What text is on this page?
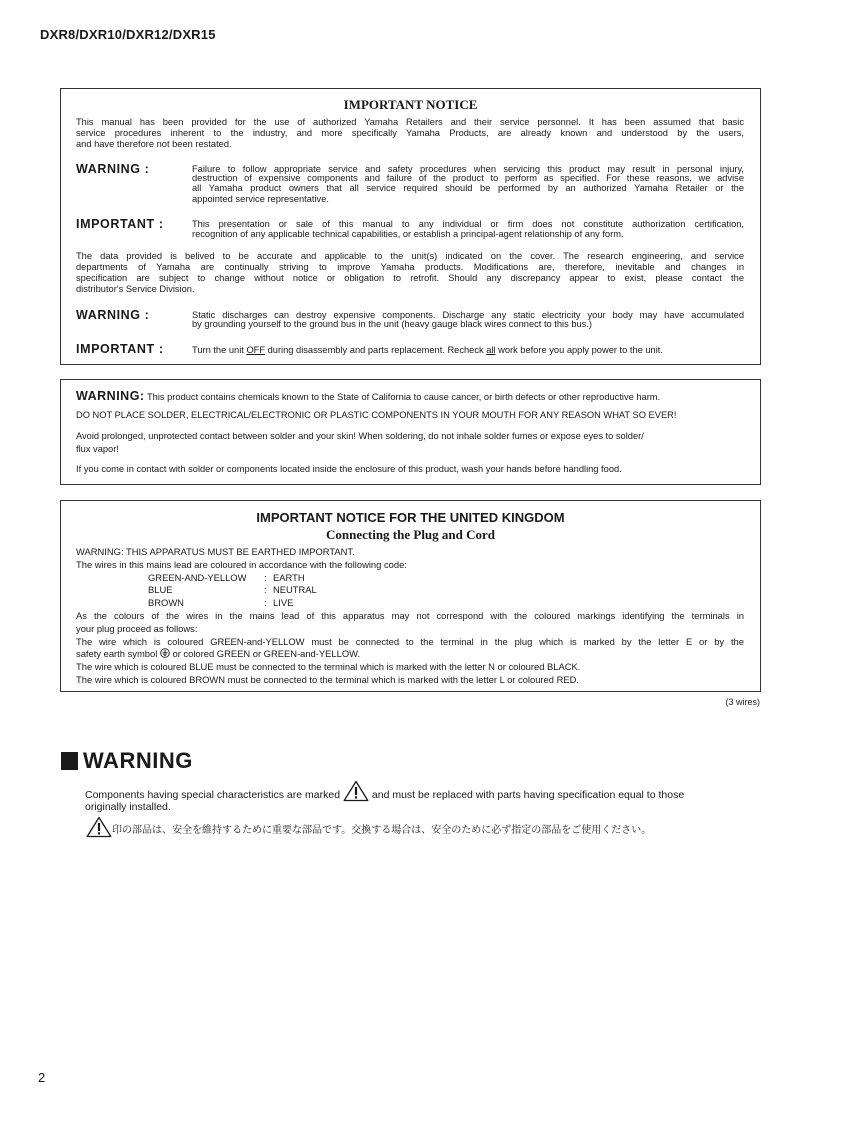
DXR8/DXR10/DXR12/DXR15
2
IMPORTANT NOTICE
This manual has been provided for the use of authorized Yamaha Retailers and their service personnel. It has been assumed that basic
service procedures inherent to the industry, and more specifically Yamaha Products, are already known and understood by the users,
and have therefore not been restated.
WARNING :	Failure to follow appropriate service and safety procedures when servicing this product may result in personal injury,
destruction of expensive components and failure of the product to perform as specified. For these reasons, we advise
all Yamaha product owners that all service required should be performed by an authorized Yamaha Retailer or the
appointed service representative.
IMPORTANT :	This presentation or sale of this manual to any individual or firm does not constitute authorization certification,
recognition of any applicable technical capabilities, or establish a principal-agent relationship of any form.
The data provided is belived to be accurate and applicable to the unit(s) indicated on the cover. The research engineering, and service
departments of Yamaha are continually striving to improve Yamaha products. Modifications are, therefore, inevitable and changes in
specification are subject to change without notice or obligation to retrofit. Should any discrepancy appear to exist, please contact the
distributor's Service Division.
WARNING :	Static discharges can destroy expensive components. Discharge any static electricity your body may have accumulated
by grounding yourself to the ground bus in the unit (heavy gauge black wires connect to this bus.)
IMPORTANT :	Turn the unit OFF during disassembly and parts replacement. Recheck all work before you apply power to the unit.
WARNING: This product contains chemicals known to the State of California to cause cancer, or birth defects or other reproductive harm.
DO NOT PLACE SOLDER, ELECTRICAL/ELECTRONIC OR PLASTIC COMPONENTS IN YOUR MOUTH FOR ANY REASON WHAT SO EVER!
Avoid prolonged, unprotected contact between solder and your skin! When soldering, do not inhale solder fumes or expose eyes to solder/
flux vapor!
If you come in contact with solder or components located inside the enclosure of this product, wash your hands before handling food.
IMPORTANT NOTICE FOR THE UNITED KINGDOM
Connecting the Plug and Cord
WARNING: THIS APPARATUS MUST BE EARTHED IMPORTANT.
The wires in this mains lead are coloured in accordance with the following code:
GREEN-AND-YELLOW : EARTH
BLUE	: NEUTRAL
BROWN	: LIVE
As the colours of the wires in the mains lead of this apparatus may not correspond with the coloured markings identifying the terminals in
your plug proceed as follows:
The wire which is coloured GREEN-and-YELLOW must be connected to the terminal in the plug which is marked by the letter E or by the
safety earth symbol  or colored GREEN or GREEN-and-YELLOW.
The wire which is coloured BLUE must be connected to the terminal which is marked with the letter N or coloured BLACK.
The wire which is coloured BROWN must be connected to the terminal which is marked with the letter L or coloured RED.
(3 wires)
WARNING
Components having special characteristics are marked	and must be replaced with parts having specification equal to those
originally installed.
印の部品は、安全を維持するために重要な部品です。交換する場合は、安全のために必ず指定の部品をご使用ください。
